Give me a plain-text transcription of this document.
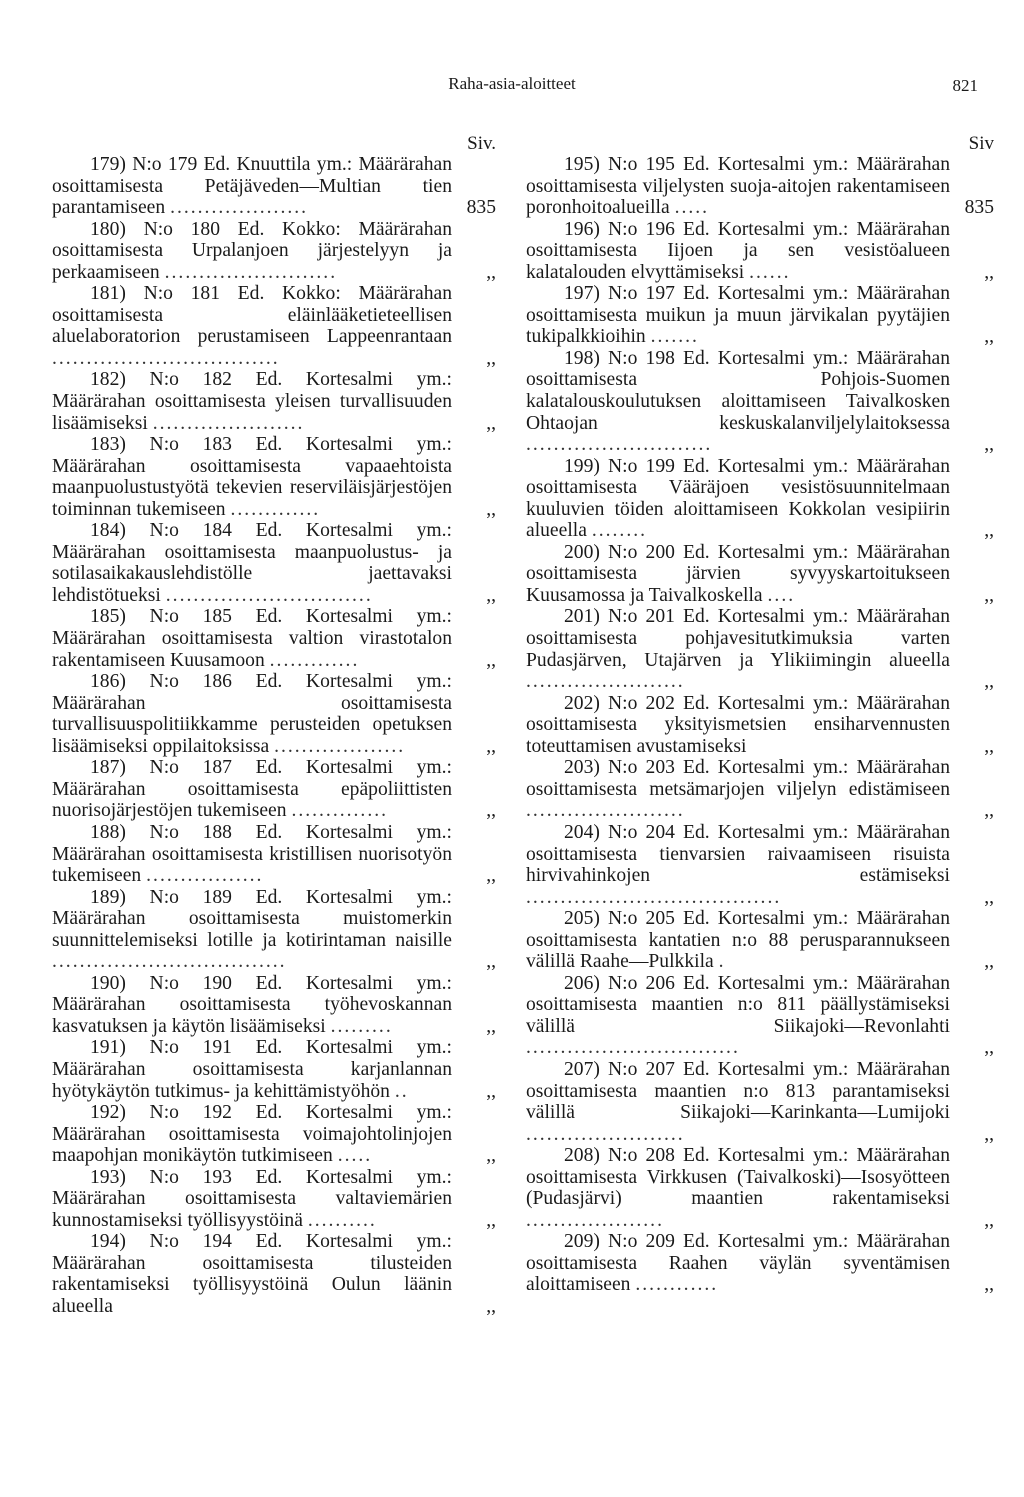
Raha-asia-aloitteet	821
Siv.
179) N:o 179 Ed. Knuuttila ym.: Määrärahan osoittamisesta Petäjäveden—Multian tien parantamiseen ....................	835
180) N:o 180 Ed. Kokko: Määrärahan osoittamisesta Urpalanjoen järjestelyyn ja perkaamiseen .........................	,,
181) N:o 181 Ed. Kokko: Määrärahan osoittamisesta eläinlääketieteellisen aluelaboratorion perustamiseen Lappeenrantaan .................................	,,
182) N:o 182 Ed. Kortesalmi ym.: Määrärahan osoittamisesta yleisen turvallisuuden lisäämiseksi ......................	,,
183) N:o 183 Ed. Kortesalmi ym.: Määrärahan osoittamisesta vapaaehtoista maanpuolustustyötä tekevien reserviläisjärjestöjen toiminnan tukemiseen .............	,,
184) N:o 184 Ed. Kortesalmi ym.: Määrärahan osoittamisesta maanpuolustus- ja sotilasaikakauslehdistölle jaettavaksi lehdistötueksi ..............................	,,
185) N:o 185 Ed. Kortesalmi ym.: Määrärahan osoittamisesta valtion virastotalon rakentamiseen Kuusamoon .............	,,
186) N:o 186 Ed. Kortesalmi ym.: Määrärahan osoittamisesta turvallisuuspolitiikkamme perusteiden opetuksen lisäämiseksi oppilaitoksissa ...................	,,
187) N:o 187 Ed. Kortesalmi ym.: Määrärahan osoittamisesta epäpoliittisten nuorisojärjestöjen tukemiseen ..............	,,
188) N:o 188 Ed. Kortesalmi ym.: Määrärahan osoittamisesta kristillisen nuorisotyön tukemiseen .................	,,
189) N:o 189 Ed. Kortesalmi ym.: Määrärahan osoittamisesta muistomerkin suunnittelemiseksi lotille ja kotirintaman naisille ..................................	,,
190) N:o 190 Ed. Kortesalmi ym.: Määrärahan osoittamisesta työhevoskannan kasvatuksen ja käytön lisäämiseksi .........	,,
191) N:o 191 Ed. Kortesalmi ym.: Määrärahan osoittamisesta karjanlannan hyötykäytön tutkimus- ja kehittämistyöhön ..	,,
192) N:o 192 Ed. Kortesalmi ym.: Määrärahan osoittamisesta voimajohtolinjojen maapohjan monikäytön tutkimiseen .....	,,
193) N:o 193 Ed. Kortesalmi ym.: Määrärahan osoittamisesta valtaviemärien kunnostamiseksi työllisyystöinä ..........	,,
194) N:o 194 Ed. Kortesalmi ym.: Määrärahan osoittamisesta tilusteiden rakentamiseksi työllisyystöinä Oulun läänin alueella	,,
Siv
195) N:o 195 Ed. Kortesalmi ym.: Määrärahan osoittamisesta viljelysten suoja-aitojen rakentamiseen poronhoitoalueilla .....	835
196) N:o 196 Ed. Kortesalmi ym.: Määrärahan osoittamisesta Iijoen ja sen vesistöalueen kalatalouden elvyttämiseksi ......	,,
197) N:o 197 Ed. Kortesalmi ym.: Määrärahan osoittamisesta muikun ja muun järvikalan pyytäjien tukipalkkioihin .......	,,
198) N:o 198 Ed. Kortesalmi ym.: Määrärahan osoittamisesta Pohjois-Suomen kalatalouskoulutuksen aloittamiseen Taivalkosken Ohtaojan keskuskalanviljelylaitoksessa ...........................	,,
199) N:o 199 Ed. Kortesalmi ym.: Määrärahan osoittamisesta Vääräjoen vesistösuunnitelmaan kuuluvien töiden aloittamiseen Kokkolan vesipiirin alueella ........	,,
200) N:o 200 Ed. Kortesalmi ym.: Määrärahan osoittamisesta järvien syvyyskartoitukseen Kuusamossa ja Taivalkoskella ....	,,
201) N:o 201 Ed. Kortesalmi ym.: Määrärahan osoittamisesta pohjavesitutkimuksia varten Pudasjärven, Utajärven ja Ylikiimingin alueella .......................	,,
202) N:o 202 Ed. Kortesalmi ym.: Määrärahan osoittamisesta yksityismetsien ensiharvennusten toteuttamisen avustamiseksi	,,
203) N:o 203 Ed. Kortesalmi ym.: Määrärahan osoittamisesta metsämarjojen viljelyn edistämiseen .......................	,,
204) N:o 204 Ed. Kortesalmi ym.: Määrärahan osoittamisesta tienvarsien raivaamiseen risuista hirvivahinkojen estämiseksi .....................................	,,
205) N:o 205 Ed. Kortesalmi ym.: Määrärahan osoittamisesta kantatien n:o 88 perusparannukseen välillä Raahe—Pulkkila .	,,
206) N:o 206 Ed. Kortesalmi ym.: Määrärahan osoittamisesta maantien n:o 811 päällystämiseksi välillä Siikajoki—Revonlahti ...............................	,,
207) N:o 207 Ed. Kortesalmi ym.: Määrärahan osoittamisesta maantien n:o 813 parantamiseksi välillä Siikajoki—Karinkanta—Lumijoki .......................	,,
208) N:o 208 Ed. Kortesalmi ym.: Määrärahan osoittamisesta Virkkusen (Taivalkoski)—Isosyötteen (Pudasjärvi) maantien rakentamiseksi ....................	,,
209) N:o 209 Ed. Kortesalmi ym.: Määrärahan osoittamisesta Raahen väylän syventämisen aloittamiseen ............	,,
